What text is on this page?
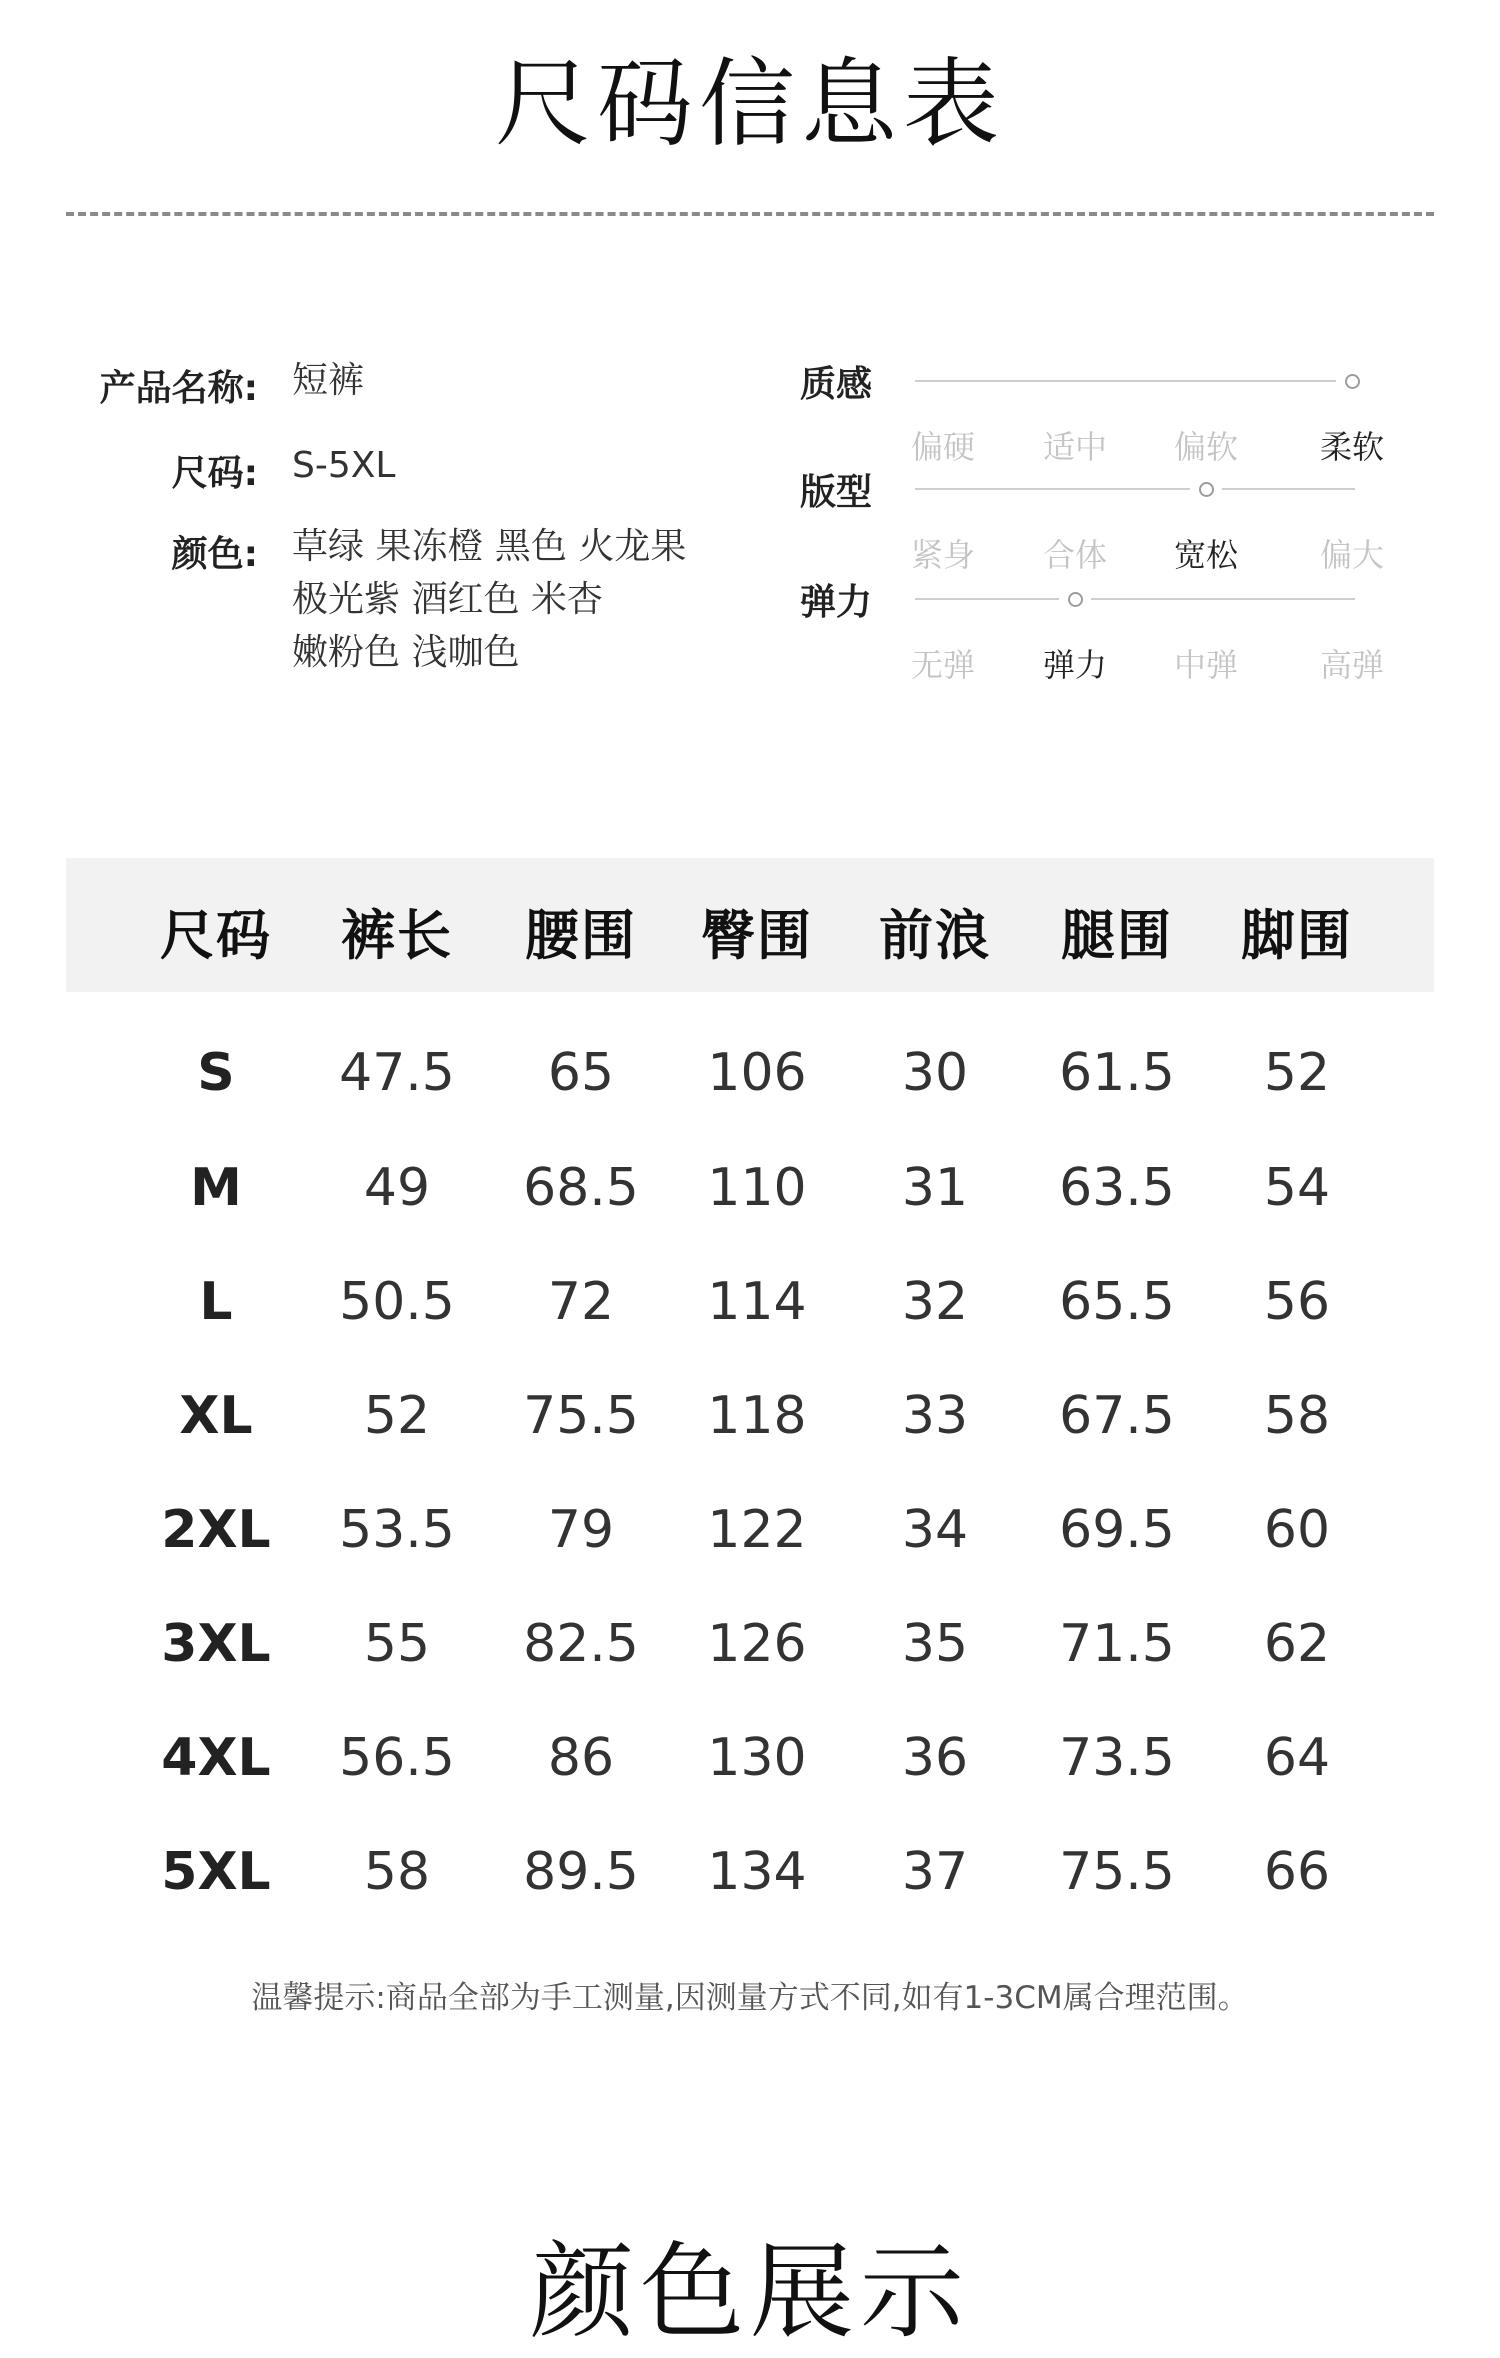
尺码信息表
产品名称: 短裤
尺码: S-5XL
颜色: 草绿 果冻橙 黑色 火龙果
极光紫 酒红色 米杏
嫩粉色 浅咖色
质感
偏硬	适中	偏软	柔软
版型
紧身	合体	宽松	偏大
弹力
无弹	弹力	中弹	高弹
尺码	裤长	腰围	臀围	前浪	腿围	脚围
S	47.5	65	106	30	61.5	52
M	49	68.5	110	31	63.5	54
L	50.5	72	114	32	65.5	56
XL	52	75.5	118	33	67.5	58
2XL	53.5	79	122	34	69.5	60
3XL	55	82.5	126	35	71.5	62
4XL	56.5	86	130	36	73.5	64
5XL	58	89.5	134	37	75.5	66
温馨提示:商品全部为手工测量,因测量方式不同,如有1-3CM属合理范围。
颜色展示
